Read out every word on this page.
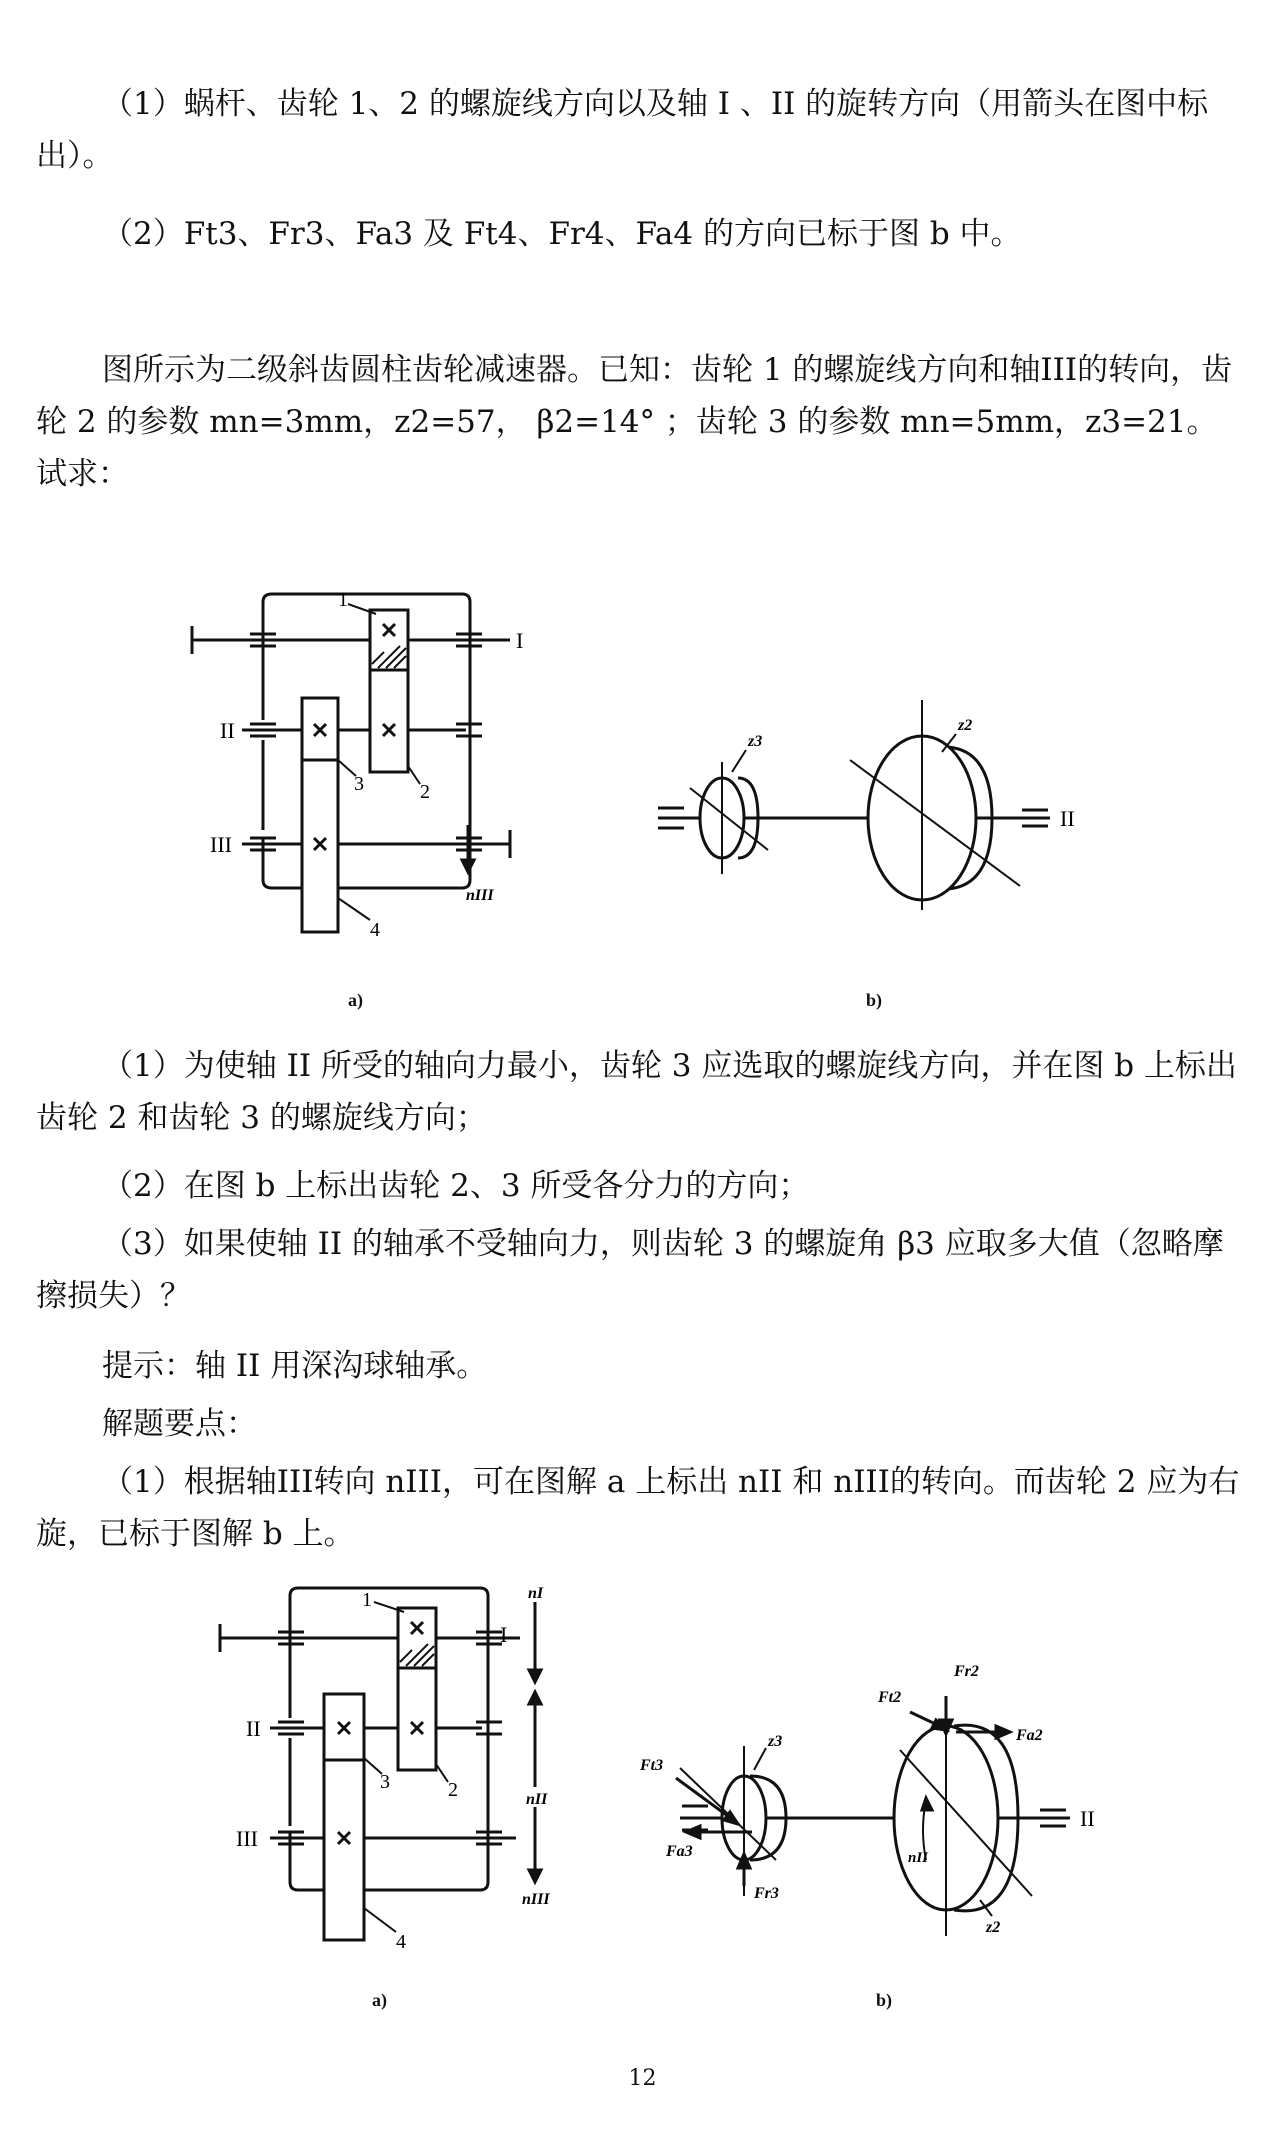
（1）蜗杆、齿轮 1、2 的螺旋线方向以及轴 I 、II 的旋转方向（用箭头在图中标出）。

（2）Ft3、Fr3、Fa3 及 Ft4、Fr4、Fa4 的方向已标于图 b 中。

图所示为二级斜齿圆柱齿轮减速器。已知：齿轮 1 的螺旋线方向和轴III的转向，齿轮 2 的参数 mn=3mm，z2=57， β2=14° ；齿轮 3 的参数 mn=5mm，z3=21。试求：

1
2
3
4
I
II
III
nIII
a)
z3
z2
II
b)

（1）为使轴 II 所受的轴向力最小，齿轮 3 应选取的螺旋线方向，并在图 b 上标出齿轮 2 和齿轮 3 的螺旋线方向；

（2）在图 b 上标出齿轮 2、3 所受各分力的方向；

（3）如果使轴 II 的轴承不受轴向力，则齿轮 3 的螺旋角 β3 应取多大值（忽略摩擦损失）？

提示：轴 II 用深沟球轴承。

解题要点：

（1）根据轴III转向 nIII，可在图解 a 上标出 nII 和 nIII的转向。而齿轮 2 应为右旋，已标于图解 b 上。

1
2
3
4
I
II
III
nI
nII
nIII
a)
Ft3
Fa3
Fr3
z3
Ft2
Fr2
Fa2
nII
z2
II
b)
12
